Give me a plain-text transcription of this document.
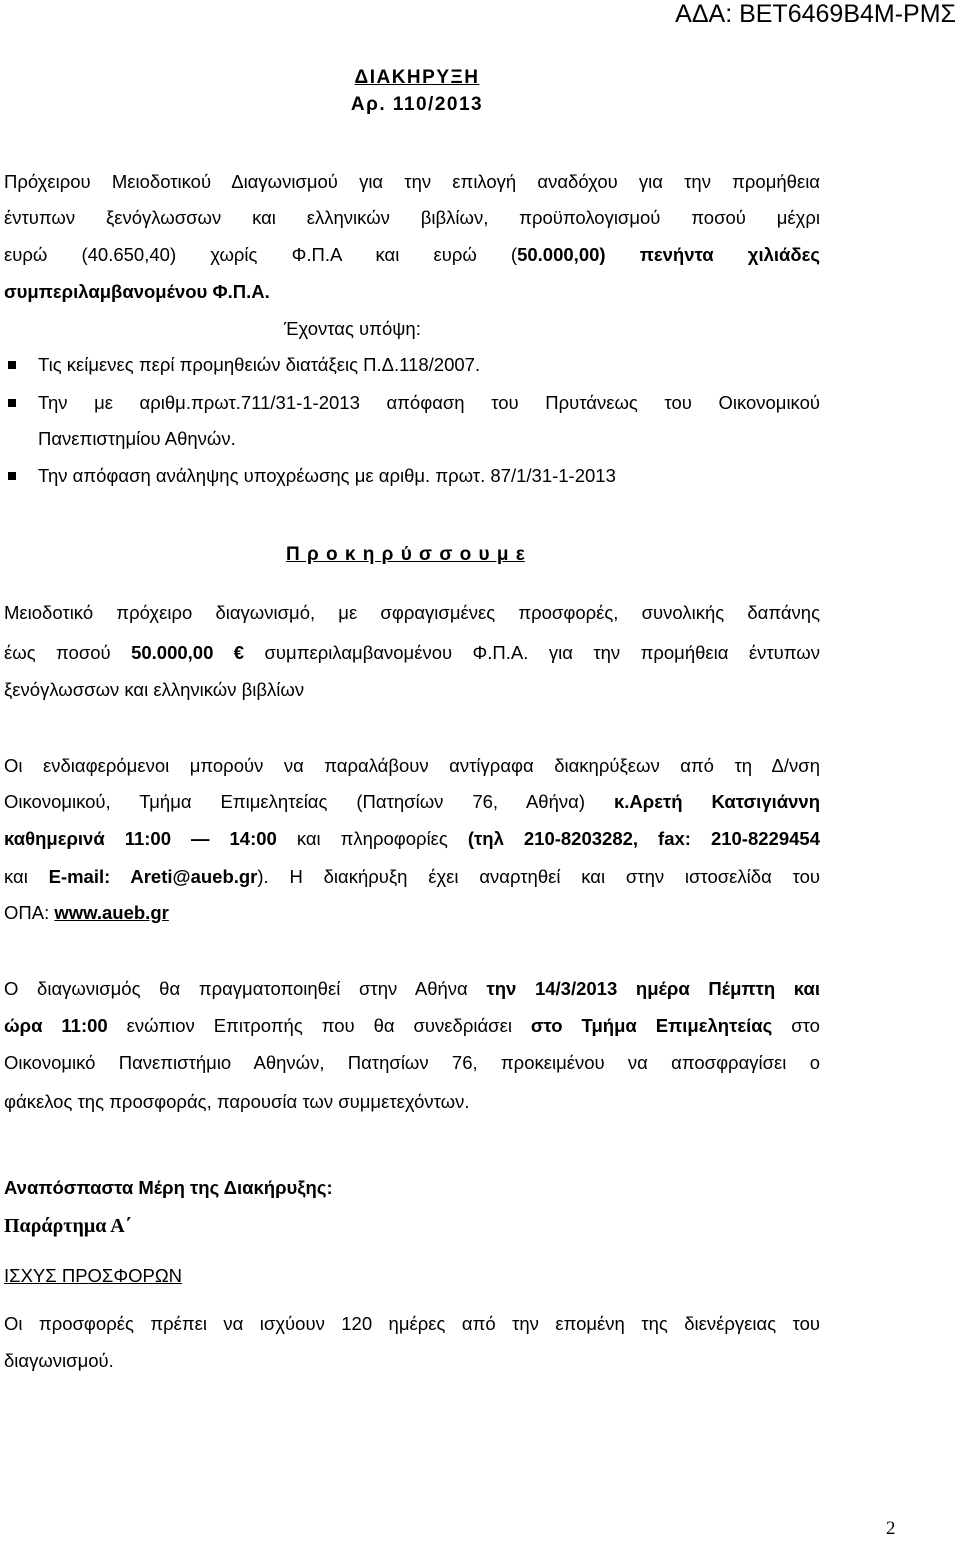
ΑΔΑ: ΒΕΤ6469Β4Μ-ΡΜΣ
ΔΙΑΚΗΡΥΞΗ
Αρ. 110/2013
Πρόχειρου Μειοδοτικού Διαγωνισμού για την επιλογή αναδόχου για την προμήθεια
έντυπων ξενόγλωσσων και ελληνικών βιβλίων, προϋπολογισμού ποσού μέχρι
ευρώ (40.650,40) χωρίς Φ.Π.Α και ευρώ (50.000,00) πενήντα χιλιάδες
συμπεριλαμβανομένου Φ.Π.Α.
Έχοντας υπόψη:
Τις κείμενες περί προμηθειών διατάξεις Π.Δ.118/2007.
Την με αριθμ.πρωτ.711/31-1-2013 απόφαση του Πρυτάνεως του Οικονομικού
Πανεπιστημίου Αθηνών.
Την απόφαση ανάληψης υποχρέωσης με αριθμ. πρωτ. 87/1/31-1-2013
Π ρ ο κ η ρ ύ σ σ ο υ μ ε
Μειοδοτικό πρόχειρο διαγωνισμό, με σφραγισμένες προσφορές, συνολικής δαπάνης
έως ποσού 50.000,00 € συμπεριλαμβανομένου Φ.Π.Α. για την προμήθεια έντυπων
ξενόγλωσσων και ελληνικών βιβλίων
Οι ενδιαφερόμενοι μπορούν να παραλάβουν αντίγραφα διακηρύξεων από τη Δ/νση
Οικονομικού, Τμήμα Επιμελητείας (Πατησίων 76, Αθήνα) κ.Αρετή Κατσιγιάννη
καθημερινά 11:00 — 14:00 και πληροφορίες (τηλ 210-8203282, fax: 210-8229454
και E-mail: Areti@aueb.gr). Η διακήρυξη έχει αναρτηθεί και στην ιστοσελίδα του
ΟΠΑ: www.aueb.gr
Ο διαγωνισμός θα πραγματοποιηθεί στην Αθήνα την 14/3/2013 ημέρα Πέμπτη και
ώρα 11:00 ενώπιον Επιτροπής που θα συνεδριάσει στο Τμήμα Επιμελητείας στο
Οικονομικό Πανεπιστήμιο Αθηνών, Πατησίων 76, προκειμένου να αποσφραγίσει ο
φάκελος της προσφοράς, παρουσία των συμμετεχόντων.
Αναπόσπαστα Μέρη της Διακήρυξης:
Παράρτημα Α΄
ΙΣΧΥΣ ΠΡΟΣΦΟΡΩΝ
Οι προσφορές πρέπει να ισχύουν 120 ημέρες από την επομένη της διενέργειας του
διαγωνισμού.
2
